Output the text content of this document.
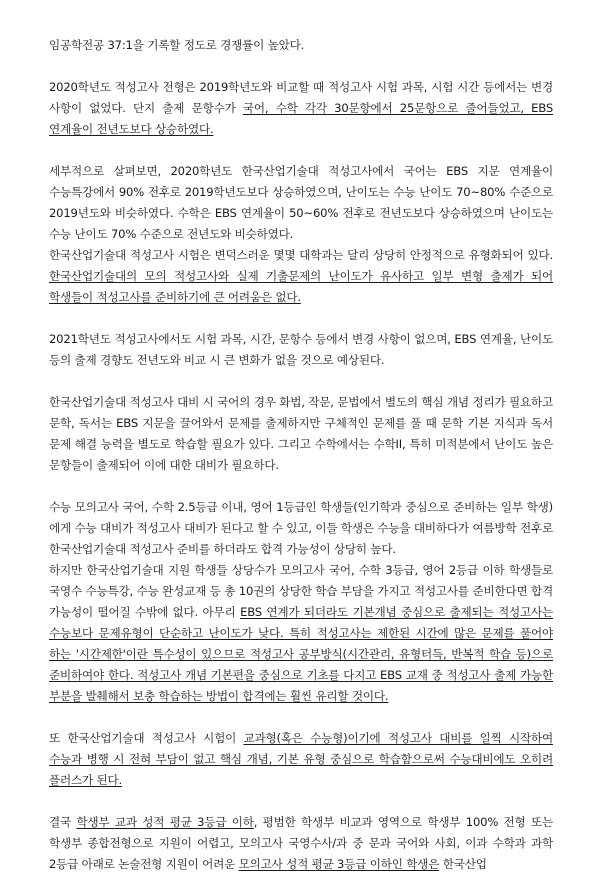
임공학전공 37:1을 기록할 정도로 경쟁률이 높았다.

2020학년도 적성고사 전형은 2019학년도와 비교할 때 적성고사 시험 과목, 시험 시간 등에서는 변경 사항이 없었다. 단지 출제 문항수가 국어, 수학 각각 30문항에서 25문항으로 줄어들었고, EBS 연계율이 전년도보다 상승하였다.

세부적으로 살펴보면, 2020학년도 한국산업기술대 적성고사에서 국어는 EBS 지문 연계율이 수능특강에서 90% 전후로 2019학년도보다 상승하였으며, 난이도는 수능 난이도 70~80% 수준으로 2019년도와 비슷하였다. 수학은 EBS 연계율이 50~60% 전후로 전년도보다 상승하였으며 난이도는 수능 난이도 70% 수준으로 전년도와 비슷하였다.

한국산업기술대 적성고사 시험은 변덕스러운 몇몇 대학과는 달리 상당히 안정적으로 유형화되어 있다. 한국산업기술대의 모의 적성고사와 실제 기출문제의 난이도가 유사하고 일부 변형 출제가 되어 학생들이 적성고사를 준비하기에 큰 어려움은 없다.

2021학년도 적성고사에서도 시험 과목, 시간, 문항수 등에서 변경 사항이 없으며, EBS 연계율, 난이도 등의 출제 경향도 전년도와 비교 시 큰 변화가 없을 것으로 예상된다.

한국산업기술대 적성고사 대비 시 국어의 경우 화법, 작문, 문법에서 별도의 핵심 개념 정리가 필요하고 문학, 독서는 EBS 지문을 끌어와서 문제를 출제하지만 구체적인 문제를 풀 때 문학 기본 지식과 독서 문제 해결 능력을 별도로 학습할 필요가 있다. 그리고 수학에서는 수학II, 특히 미적분에서 난이도 높은 문항들이 출제되어 이에 대한 대비가 필요하다.

수능 모의고사 국어, 수학 2.5등급 이내, 영어 1등급인 학생들(인기학과 중심으로 준비하는 일부 학생)에게 수능 대비가 적성고사 대비가 된다고 할 수 있고, 이들 학생은 수능을 대비하다가 여름방학 전후로 한국산업기술대 적성고사 준비를 하더라도 합격 가능성이 상당히 높다.

하지만 한국산업기술대 지원 학생들 상당수가 모의고사 국어, 수학 3등급, 영어 2등급 이하 학생들로 국영수 수능특강, 수능 완성교재 등 총 10권의 상당한 학습 부담을 가지고 적성고사를 준비한다면 합격 가능성이 떨어질 수밖에 없다. 아무리 EBS 연계가 되더라도 기본개념 중심으로 출제되는 적성고사는 수능보다 문제유형이 단순하고 난이도가 낮다. 특히 적성고사는 제한된 시간에 많은 문제를 풀어야 하는 '시간제한'이란 특수성이 있으므로 적성고사 공부방식(시간관리, 유형터득, 반복적 학습 등)으로 준비하여야 한다. 적성고사 개념 기본편을 중심으로 기초를 다지고 EBS 교재 중 적성고사 출제 가능한 부분을 발췌해서 보충 학습하는 방법이 합격에는 훨씬 유리할 것이다.

또 한국산업기술대 적성고사 시험이 교과형(혹은 수능형)이기에 적성고사 대비를 일찍 시작하여 수능과 병행 시 전혀 부담이 없고 핵심 개념, 기본 유형 중심으로 학습함으로써 수능대비에도 오히려 플러스가 된다.

결국 학생부 교과 성적 평균 3등급 이하, 평범한 학생부 비교과 영역으로 학생부 100% 전형 또는 학생부 종합전형으로 지원이 어렵고, 모의고사 국영수사/과 중 문과 국어와 사회, 이과 수학과 과학 2등급 아래로 논술전형 지원이 어려운 모의고사 성적 평균 3등급 이하인 학생은 한국산업
